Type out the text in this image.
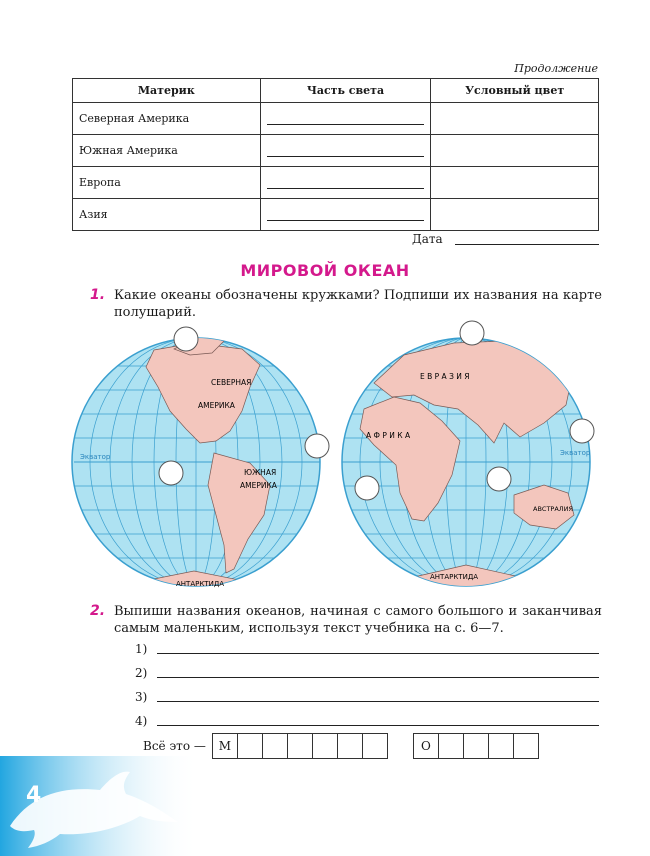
Продолжение
Материк	Часть света	Условный цвет
Северная Америка	

Южная Америка	

Европа	

Азия	

Дата
МИРОВОЙ ОКЕАН
1. Какие океаны обозначены кружками? Подпиши их названия на карте полушарий.
СЕВЕРНАЯ
АМЕРИКА
ЮЖНАЯ
АМЕРИКА
АНТАРКТИДА
Экватор
Е В Р А З И Я
А Ф Р И К А
АВСТРАЛИЯ
АНТАРКТИДА
Экватор
2. Выпиши названия океанов, начиная с самого большого и заканчивая самым маленьким, используя текст учебника на с. 6—7.
1)
2)
3)
4)
Всё это —	М	О
4
